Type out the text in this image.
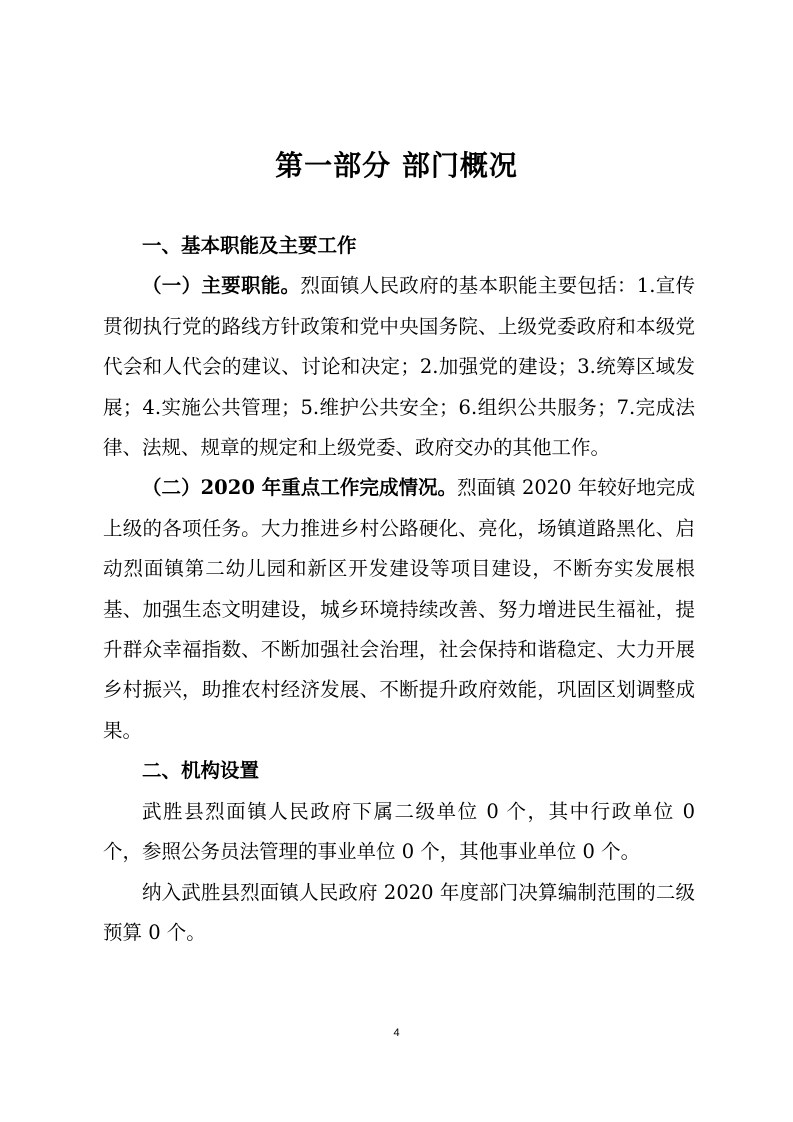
第一部分 部门概况

一、基本职能及主要工作

（一）主要职能。烈面镇人民政府的基本职能主要包括：1.宣传贯彻执行党的路线方针政策和党中央国务院、上级党委政府和本级党代会和人代会的建议、讨论和决定；2.加强党的建设；3.统筹区域发展；4.实施公共管理；5.维护公共安全；6.组织公共服务；7.完成法律、法规、规章的规定和上级党委、政府交办的其他工作。

（二）2020 年重点工作完成情况。烈面镇 2020 年较好地完成上级的各项任务。大力推进乡村公路硬化、亮化，场镇道路黑化、启动烈面镇第二幼儿园和新区开发建设等项目建设，不断夯实发展根基、加强生态文明建设，城乡环境持续改善、努力增进民生福祉，提升群众幸福指数、不断加强社会治理，社会保持和谐稳定、大力开展乡村振兴，助推农村经济发展、不断提升政府效能，巩固区划调整成果。

二、机构设置

武胜县烈面镇人民政府下属二级单位 0 个，其中行政单位 0 个，参照公务员法管理的事业单位 0 个，其他事业单位 0 个。

纳入武胜县烈面镇人民政府 2020 年度部门决算编制范围的二级预算 0 个。

4
